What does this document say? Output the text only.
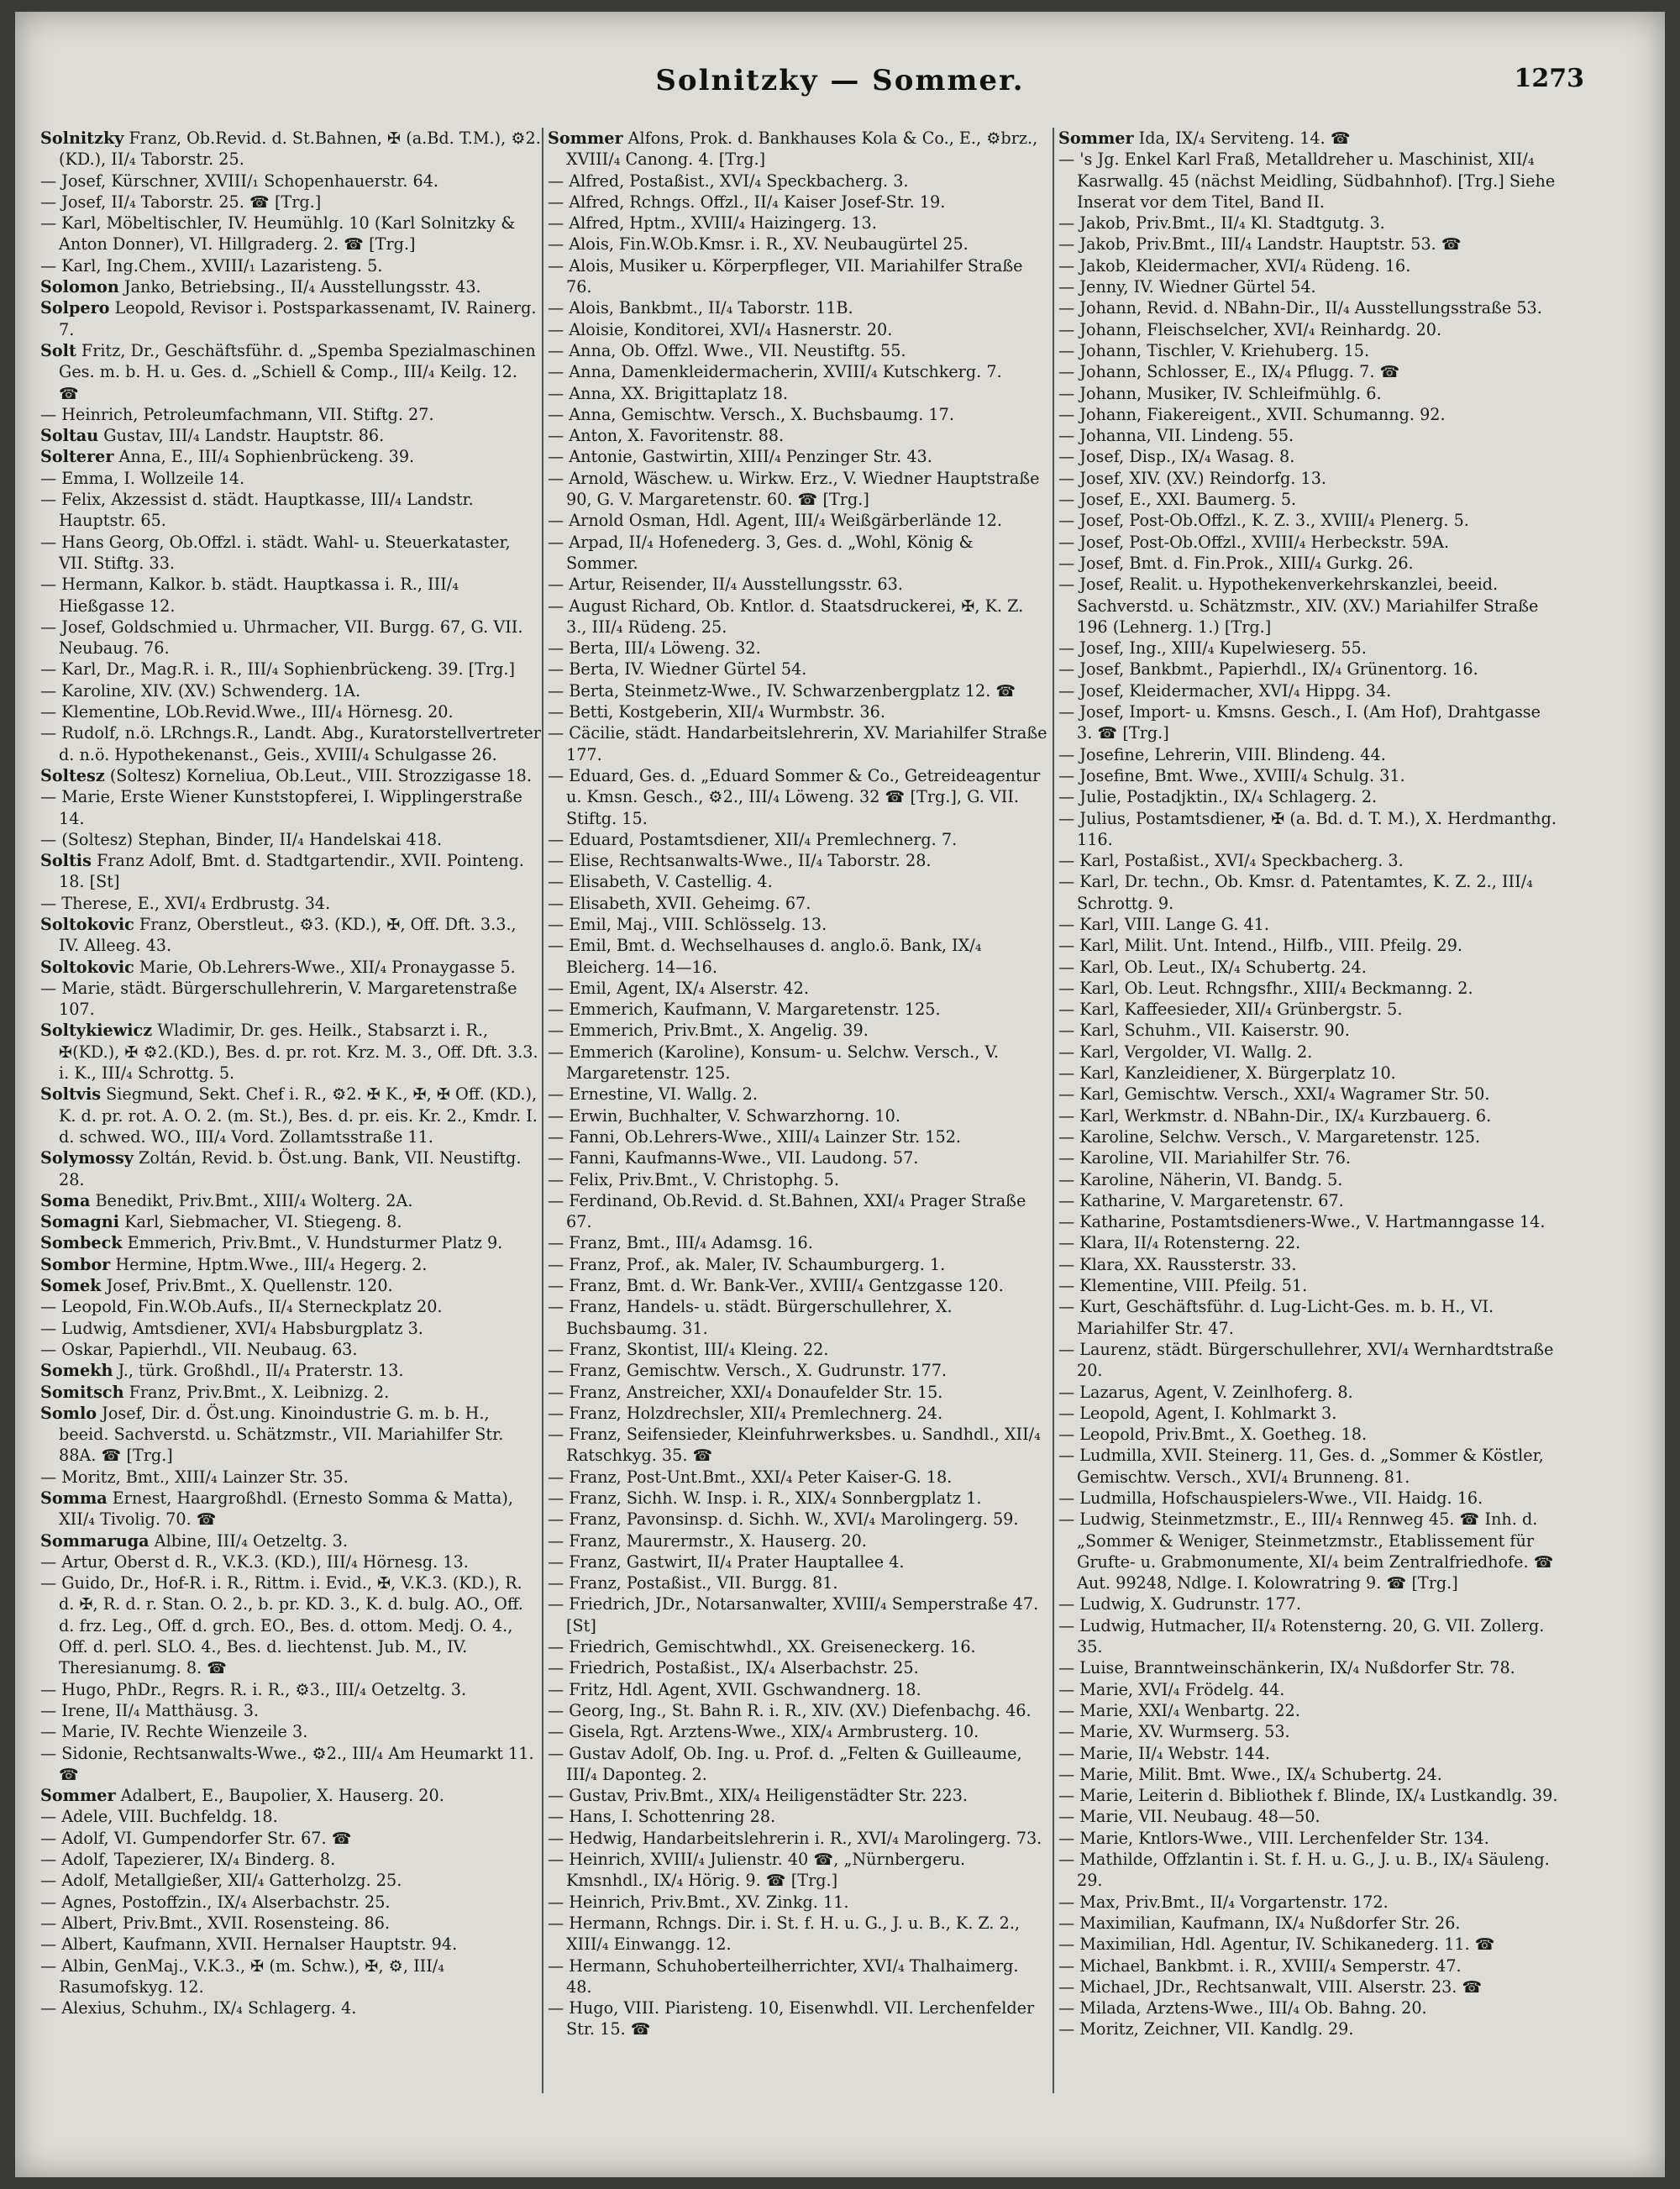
Solnitzky — Sommer.	1273

Solnitzky Franz, Ob.Revid. d. St.Bahnen, ✠ (a.Bd. T.M.), ⚙2.(KD.), II/₄ Taborstr. 25.

— Josef, Kürschner, XVIII/₁ Schopenhauerstr. 64.

— Josef, II/₄ Taborstr. 25. ☎ [Trg.]

— Karl, Möbeltischler, IV. Heumühlg. 10 (Karl Solnitzky & Anton Donner), VI. Hillgraderg. 2. ☎ [Trg.]

— Karl, Ing.Chem., XVIII/₁ Lazaristeng. 5.

Solomon Janko, Betriebsing., II/₄ Ausstellungsstr. 43.

Solpero Leopold, Revisor i. Postsparkassenamt, IV. Rainerg. 7.

Solt Fritz, Dr., Geschäftsführ. d. „Spemba Spezialmaschinen Ges. m. b. H. u. Ges. d. „Schiell & Comp., III/₄ Keilg. 12. ☎

— Heinrich, Petroleumfachmann, VII. Stiftg. 27.

Soltau Gustav, III/₄ Landstr. Hauptstr. 86.

Solterer Anna, E., III/₄ Sophienbrückeng. 39.

— Emma, I. Wollzeile 14.

— Felix, Akzessist d. städt. Hauptkasse, III/₄ Landstr. Hauptstr. 65.

— Hans Georg, Ob.Offzl. i. städt. Wahl- u. Steuerkataster, VII. Stiftg. 33.

— Hermann, Kalkor. b. städt. Hauptkassa i. R., III/₄ Hießgasse 12.

— Josef, Goldschmied u. Uhrmacher, VII. Burgg. 67, G. VII. Neubaug. 76.

— Karl, Dr., Mag.R. i. R., III/₄ Sophienbrückeng. 39. [Trg.]

— Karoline, XIV. (XV.) Schwenderg. 1A.

— Klementine, LOb.Revid.Wwe., III/₄ Hörnesg. 20.

— Rudolf, n.ö. LRchngs.R., Landt. Abg., Kuratorstellvertreter d. n.ö. Hypothekenanst., Geis., XVIII/₄ Schulgasse 26.

Soltesz (Soltesz) Korneliua, Ob.Leut., VIII. Strozzigasse 18.

— Marie, Erste Wiener Kunststopferei, I. Wipplingerstraße 14.

— (Soltesz) Stephan, Binder, II/₄ Handelskai 418.

Soltis Franz Adolf, Bmt. d. Stadtgartendir., XVII. Pointeng. 18. [St]

— Therese, E., XVI/₄ Erdbrustg. 34.

Soltokovic Franz, Oberstleut., ⚙3. (KD.), ✠, Off. Dft. 3.3., IV. Alleeg. 43.

Soltokovic Marie, Ob.Lehrers-Wwe., XII/₄ Pronaygasse 5.

— Marie, städt. Bürgerschullehrerin, V. Margaretenstraße 107.

Soltykiewicz Wladimir, Dr. ges. Heilk., Stabsarzt i. R., ✠(KD.), ✠ ⚙2.(KD.), Bes. d. pr. rot. Krz. M. 3., Off. Dft. 3.3. i. K., III/₄ Schrottg. 5.

Soltvis Siegmund, Sekt. Chef i. R., ⚙2. ✠ K., ✠, ✠ Off. (KD.), K. d. pr. rot. A. O. 2. (m. St.), Bes. d. pr. eis. Kr. 2., Kmdr. I. d. schwed. WO., III/₄ Vord. Zollamtsstraße 11.

Solymossy Zoltán, Revid. b. Öst.ung. Bank, VII. Neustiftg. 28.

Soma Benedikt, Priv.Bmt., XIII/₄ Wolterg. 2A.

Somagni Karl, Siebmacher, VI. Stiegeng. 8.

Sombeck Emmerich, Priv.Bmt., V. Hundsturmer Platz 9.

Sombor Hermine, Hptm.Wwe., III/₄ Hegerg. 2.

Somek Josef, Priv.Bmt., X. Quellenstr. 120.

— Leopold, Fin.W.Ob.Aufs., II/₄ Sterneckplatz 20.

— Ludwig, Amtsdiener, XVI/₄ Habsburgplatz 3.

— Oskar, Papierhdl., VII. Neubaug. 63.

Somekh J., türk. Großhdl., II/₄ Praterstr. 13.

Somitsch Franz, Priv.Bmt., X. Leibnizg. 2.

Somlo Josef, Dir. d. Öst.ung. Kinoindustrie G. m. b. H., beeid. Sachverstd. u. Schätzmstr., VII. Mariahilfer Str. 88A. ☎ [Trg.]

— Moritz, Bmt., XIII/₄ Lainzer Str. 35.

Somma Ernest, Haargroßhdl. (Ernesto Somma & Matta), XII/₄ Tivolig. 70. ☎

Sommaruga Albine, III/₄ Oetzeltg. 3.

— Artur, Oberst d. R., V.K.3. (KD.), III/₄ Hörnesg. 13.

— Guido, Dr., Hof-R. i. R., Rittm. i. Evid., ✠, V.K.3. (KD.), R. d. ✠, R. d. r. Stan. O. 2., b. pr. KD. 3., K. d. bulg. AO., Off. d. frz. Leg., Off. d. grch. EO., Bes. d. ottom. Medj. O. 4., Off. d. perl. SLO. 4., Bes. d. liechtenst. Jub. M., IV. Theresianumg. 8. ☎

— Hugo, PhDr., Regrs. R. i. R., ⚙3., III/₄ Oetzeltg. 3.

— Irene, II/₄ Matthäusg. 3.

— Marie, IV. Rechte Wienzeile 3.

— Sidonie, Rechtsanwalts-Wwe., ⚙2., III/₄ Am Heumarkt 11. ☎

Sommer Adalbert, E., Baupolier, X. Hauserg. 20.

— Adele, VIII. Buchfeldg. 18.

— Adolf, VI. Gumpendorfer Str. 67. ☎

— Adolf, Tapezierer, IX/₄ Binderg. 8.

— Adolf, Metallgießer, XII/₄ Gatterholzg. 25.

— Agnes, Postoffzin., IX/₄ Alserbachstr. 25.

— Albert, Priv.Bmt., XVII. Rosensteing. 86.

— Albert, Kaufmann, XVII. Hernalser Hauptstr. 94.

— Albin, GenMaj., V.K.3., ✠ (m. Schw.), ✠, ⚙, III/₄ Rasumofskyg. 12.

— Alexius, Schuhm., IX/₄ Schlagerg. 4.

Sommer Alfons, Prok. d. Bankhauses Kola & Co., E., ⚙brz., XVIII/₄ Canong. 4. [Trg.]

— Alfred, Postaßist., XVI/₄ Speckbacherg. 3.

— Alfred, Rchngs. Offzl., II/₄ Kaiser Josef-Str. 19.

— Alfred, Hptm., XVIII/₄ Haizingerg. 13.

— Alois, Fin.W.Ob.Kmsr. i. R., XV. Neubaugürtel 25.

— Alois, Musiker u. Körperpfleger, VII. Mariahilfer Straße 76.

— Alois, Bankbmt., II/₄ Taborstr. 11B.

— Aloisie, Konditorei, XVI/₄ Hasnerstr. 20.

— Anna, Ob. Offzl. Wwe., VII. Neustiftg. 55.

— Anna, Damenkleidermacherin, XVIII/₄ Kutschkerg. 7.

— Anna, XX. Brigittaplatz 18.

— Anna, Gemischtw. Versch., X. Buchsbaumg. 17.

— Anton, X. Favoritenstr. 88.

— Antonie, Gastwirtin, XIII/₄ Penzinger Str. 43.

— Arnold, Wäschew. u. Wirkw. Erz., V. Wiedner Hauptstraße 90, G. V. Margaretenstr. 60. ☎ [Trg.]

— Arnold Osman, Hdl. Agent, III/₄ Weißgärberlände 12.

— Arpad, II/₄ Hofenederg. 3, Ges. d. „Wohl, König & Sommer.

— Artur, Reisender, II/₄ Ausstellungsstr. 63.

— August Richard, Ob. Kntlor. d. Staatsdruckerei, ✠, K. Z. 3., III/₄ Rüdeng. 25.

— Berta, III/₄ Löweng. 32.

— Berta, IV. Wiedner Gürtel 54.

— Berta, Steinmetz-Wwe., IV. Schwarzenbergplatz 12. ☎

— Betti, Kostgeberin, XII/₄ Wurmbstr. 36.

— Cäcilie, städt. Handarbeitslehrerin, XV. Mariahilfer Straße 177.

— Eduard, Ges. d. „Eduard Sommer & Co., Getreideagentur u. Kmsn. Gesch., ⚙2., III/₄ Löweng. 32 ☎ [Trg.], G. VII. Stiftg. 15.

— Eduard, Postamtsdiener, XII/₄ Premlechnerg. 7.

— Elise, Rechtsanwalts-Wwe., II/₄ Taborstr. 28.

— Elisabeth, V. Castellig. 4.

— Elisabeth, XVII. Geheimg. 67.

— Emil, Maj., VIII. Schlösselg. 13.

— Emil, Bmt. d. Wechselhauses d. anglo.ö. Bank, IX/₄ Bleicherg. 14—16.

— Emil, Agent, IX/₄ Alserstr. 42.

— Emmerich, Kaufmann, V. Margaretenstr. 125.

— Emmerich, Priv.Bmt., X. Angelig. 39.

— Emmerich (Karoline), Konsum- u. Selchw. Versch., V. Margaretenstr. 125.

— Ernestine, VI. Wallg. 2.

— Erwin, Buchhalter, V. Schwarzhorng. 10.

— Fanni, Ob.Lehrers-Wwe., XIII/₄ Lainzer Str. 152.

— Fanni, Kaufmanns-Wwe., VII. Laudong. 57.

— Felix, Priv.Bmt., V. Christophg. 5.

— Ferdinand, Ob.Revid. d. St.Bahnen, XXI/₄ Prager Straße 67.

— Franz, Bmt., III/₄ Adamsg. 16.

— Franz, Prof., ak. Maler, IV. Schaumburgerg. 1.

— Franz, Bmt. d. Wr. Bank-Ver., XVIII/₄ Gentzgasse 120.

— Franz, Handels- u. städt. Bürgerschullehrer, X. Buchsbaumg. 31.

— Franz, Skontist, III/₄ Kleing. 22.

— Franz, Gemischtw. Versch., X. Gudrunstr. 177.

— Franz, Anstreicher, XXI/₄ Donaufelder Str. 15.

— Franz, Holzdrechsler, XII/₄ Premlechnerg. 24.

— Franz, Seifensieder, Kleinfuhrwerksbes. u. Sandhdl., XII/₄ Ratschkyg. 35. ☎

— Franz, Post-Unt.Bmt., XXI/₄ Peter Kaiser-G. 18.

— Franz, Sichh. W. Insp. i. R., XIX/₄ Sonnbergplatz 1.

— Franz, Pavonsinsp. d. Sichh. W., XVI/₄ Marolingerg. 59.

— Franz, Maurermstr., X. Hauserg. 20.

— Franz, Gastwirt, II/₄ Prater Hauptallee 4.

— Franz, Postaßist., VII. Burgg. 81.

— Friedrich, JDr., Notarsanwalter, XVIII/₄ Semperstraße 47. [St]

— Friedrich, Gemischtwhdl., XX. Greiseneckerg. 16.

— Friedrich, Postaßist., IX/₄ Alserbachstr. 25.

— Fritz, Hdl. Agent, XVII. Gschwandnerg. 18.

— Georg, Ing., St. Bahn R. i. R., XIV. (XV.) Diefenbachg. 46.

— Gisela, Rgt. Arztens-Wwe., XIX/₄ Armbrusterg. 10.

— Gustav Adolf, Ob. Ing. u. Prof. d. „Felten & Guilleaume, III/₄ Daponteg. 2.

— Gustav, Priv.Bmt., XIX/₄ Heiligenstädter Str. 223.

— Hans, I. Schottenring 28.

— Hedwig, Handarbeitslehrerin i. R., XVI/₄ Marolingerg. 73.

— Heinrich, XVIII/₄ Julienstr. 40 ☎, „Nürnbergeru. Kmsnhdl., IX/₄ Hörig. 9. ☎ [Trg.]

— Heinrich, Priv.Bmt., XV. Zinkg. 11.

— Hermann, Rchngs. Dir. i. St. f. H. u. G., J. u. B., K. Z. 2., XIII/₄ Einwangg. 12.

— Hermann, Schuhoberteilherrichter, XVI/₄ Thalhaimerg. 48.

— Hugo, VIII. Piaristeng. 10, Eisenwhdl. VII. Lerchenfelder Str. 15. ☎

Sommer Ida, IX/₄ Serviteng. 14. ☎

— 's Jg. Enkel Karl Fraß, Metalldreher u. Maschinist, XII/₄ Kasrwallg. 45 (nächst Meidling, Südbahnhof). [Trg.] Siehe Inserat vor dem Titel, Band II.

— Jakob, Priv.Bmt., II/₄ Kl. Stadtgutg. 3.

— Jakob, Priv.Bmt., III/₄ Landstr. Hauptstr. 53. ☎

— Jakob, Kleidermacher, XVI/₄ Rüdeng. 16.

— Jenny, IV. Wiedner Gürtel 54.

— Johann, Revid. d. NBahn-Dir., II/₄ Ausstellungsstraße 53.

— Johann, Fleischselcher, XVI/₄ Reinhardg. 20.

— Johann, Tischler, V. Kriehuberg. 15.

— Johann, Schlosser, E., IX/₄ Pflugg. 7. ☎

— Johann, Musiker, IV. Schleifmühlg. 6.

— Johann, Fiakereigent., XVII. Schumanng. 92.

— Johanna, VII. Lindeng. 55.

— Josef, Disp., IX/₄ Wasag. 8.

— Josef, XIV. (XV.) Reindorfg. 13.

— Josef, E., XXI. Baumerg. 5.

— Josef, Post-Ob.Offzl., K. Z. 3., XVIII/₄ Plenerg. 5.

— Josef, Post-Ob.Offzl., XVIII/₄ Herbeckstr. 59A.

— Josef, Bmt. d. Fin.Prok., XIII/₄ Gurkg. 26.

— Josef, Realit. u. Hypothekenverkehrskanzlei, beeid. Sachverstd. u. Schätzmstr., XIV. (XV.) Mariahilfer Straße 196 (Lehnerg. 1.) [Trg.]

— Josef, Ing., XIII/₄ Kupelwieserg. 55.

— Josef, Bankbmt., Papierhdl., IX/₄ Grünentorg. 16.

— Josef, Kleidermacher, XVI/₄ Hippg. 34.

— Josef, Import- u. Kmsns. Gesch., I. (Am Hof), Drahtgasse 3. ☎ [Trg.]

— Josefine, Lehrerin, VIII. Blindeng. 44.

— Josefine, Bmt. Wwe., XVIII/₄ Schulg. 31.

— Julie, Postadjktin., IX/₄ Schlagerg. 2.

— Julius, Postamtsdiener, ✠ (a. Bd. d. T. M.), X. Herdmanthg. 116.

— Karl, Postaßist., XVI/₄ Speckbacherg. 3.

— Karl, Dr. techn., Ob. Kmsr. d. Patentamtes, K. Z. 2., III/₄ Schrottg. 9.

— Karl, VIII. Lange G. 41.

— Karl, Milit. Unt. Intend., Hilfb., VIII. Pfeilg. 29.

— Karl, Ob. Leut., IX/₄ Schubertg. 24.

— Karl, Ob. Leut. Rchngsfhr., XIII/₄ Beckmanng. 2.

— Karl, Kaffeesieder, XII/₄ Grünbergstr. 5.

— Karl, Schuhm., VII. Kaiserstr. 90.

— Karl, Vergolder, VI. Wallg. 2.

— Karl, Kanzleidiener, X. Bürgerplatz 10.

— Karl, Gemischtw. Versch., XXI/₄ Wagramer Str. 50.

— Karl, Werkmstr. d. NBahn-Dir., IX/₄ Kurzbauerg. 6.

— Karoline, Selchw. Versch., V. Margaretenstr. 125.

— Karoline, VII. Mariahilfer Str. 76.

— Karoline, Näherin, VI. Bandg. 5.

— Katharine, V. Margaretenstr. 67.

— Katharine, Postamtsdieners-Wwe., V. Hartmanngasse 14.

— Klara, II/₄ Rotensterng. 22.

— Klara, XX. Raussterstr. 33.

— Klementine, VIII. Pfeilg. 51.

— Kurt, Geschäftsführ. d. Lug-Licht-Ges. m. b. H., VI. Mariahilfer Str. 47.

— Laurenz, städt. Bürgerschullehrer, XVI/₄ Wernhardtstraße 20.

— Lazarus, Agent, V. Zeinlhoferg. 8.

— Leopold, Agent, I. Kohlmarkt 3.

— Leopold, Priv.Bmt., X. Goetheg. 18.

— Ludmilla, XVII. Steinerg. 11, Ges. d. „Sommer & Köstler, Gemischtw. Versch., XVI/₄ Brunneng. 81.

— Ludmilla, Hofschauspielers-Wwe., VII. Haidg. 16.

— Ludwig, Steinmetzmstr., E., III/₄ Rennweg 45. ☎ Inh. d. „Sommer & Weniger, Steinmetzmstr., Etablissement für Grufte- u. Grabmonumente, XI/₄ beim Zentralfriedhofe. ☎ Aut. 99248, Ndlge. I. Kolowratring 9. ☎ [Trg.]

— Ludwig, X. Gudrunstr. 177.

— Ludwig, Hutmacher, II/₄ Rotensterng. 20, G. VII. Zollerg. 35.

— Luise, Branntweinschänkerin, IX/₄ Nußdorfer Str. 78.

— Marie, XVI/₄ Frödelg. 44.

— Marie, XXI/₄ Wenbartg. 22.

— Marie, XV. Wurmserg. 53.

— Marie, II/₄ Webstr. 144.

— Marie, Milit. Bmt. Wwe., IX/₄ Schubertg. 24.

— Marie, Leiterin d. Bibliothek f. Blinde, IX/₄ Lustkandlg. 39.

— Marie, VII. Neubaug. 48—50.

— Marie, Kntlors-Wwe., VIII. Lerchenfelder Str. 134.

— Mathilde, Offzlantin i. St. f. H. u. G., J. u. B., IX/₄ Säuleng. 29.

— Max, Priv.Bmt., II/₄ Vorgartenstr. 172.

— Maximilian, Kaufmann, IX/₄ Nußdorfer Str. 26.

— Maximilian, Hdl. Agentur, IV. Schikanederg. 11. ☎

— Michael, Bankbmt. i. R., XVIII/₄ Semperstr. 47.

— Michael, JDr., Rechtsanwalt, VIII. Alserstr. 23. ☎

— Milada, Arztens-Wwe., III/₄ Ob. Bahng. 20.

— Moritz, Zeichner, VII. Kandlg. 29.
